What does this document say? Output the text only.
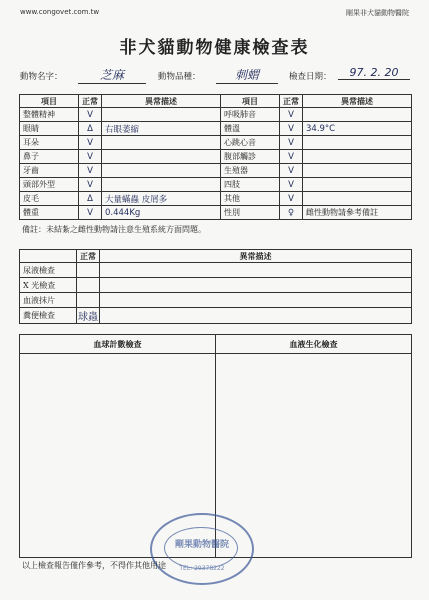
www.congovet.com.tw	剛果非犬貓動物醫院
非犬貓動物健康檢查表
動物名字：	芝麻	動物品種：	刺蝟	檢查日期：	97. 2. 20
項目	正常	異常描述	項目	正常	異常描述
整體精神	V		呼吸肺音	V	
眼睛	Δ	右眼萎縮	體溫	V	34.9°C
耳朵	V		心跳心音	V	
鼻子	V		腹部觸診	V	
牙齒	V		生殖器	V	
頭部外型	V		四肢	V	
皮毛	Δ	大量蟎蟲 皮屑多	其他	V	
體重	V	0.444Kg	性別	♀	雌性動物請參考備註
備註：未結紮之雌性動物請注意生殖系統方面問題。
	正常	異常描述
尿液檢查		
X 光檢查		
血液抹片		
糞便檢查	球蟲	
血球計數檢查	血液生化檢查
剛果動物醫院
TEL: 29378222
以上檢查報告僅作參考，不得作其他用途
